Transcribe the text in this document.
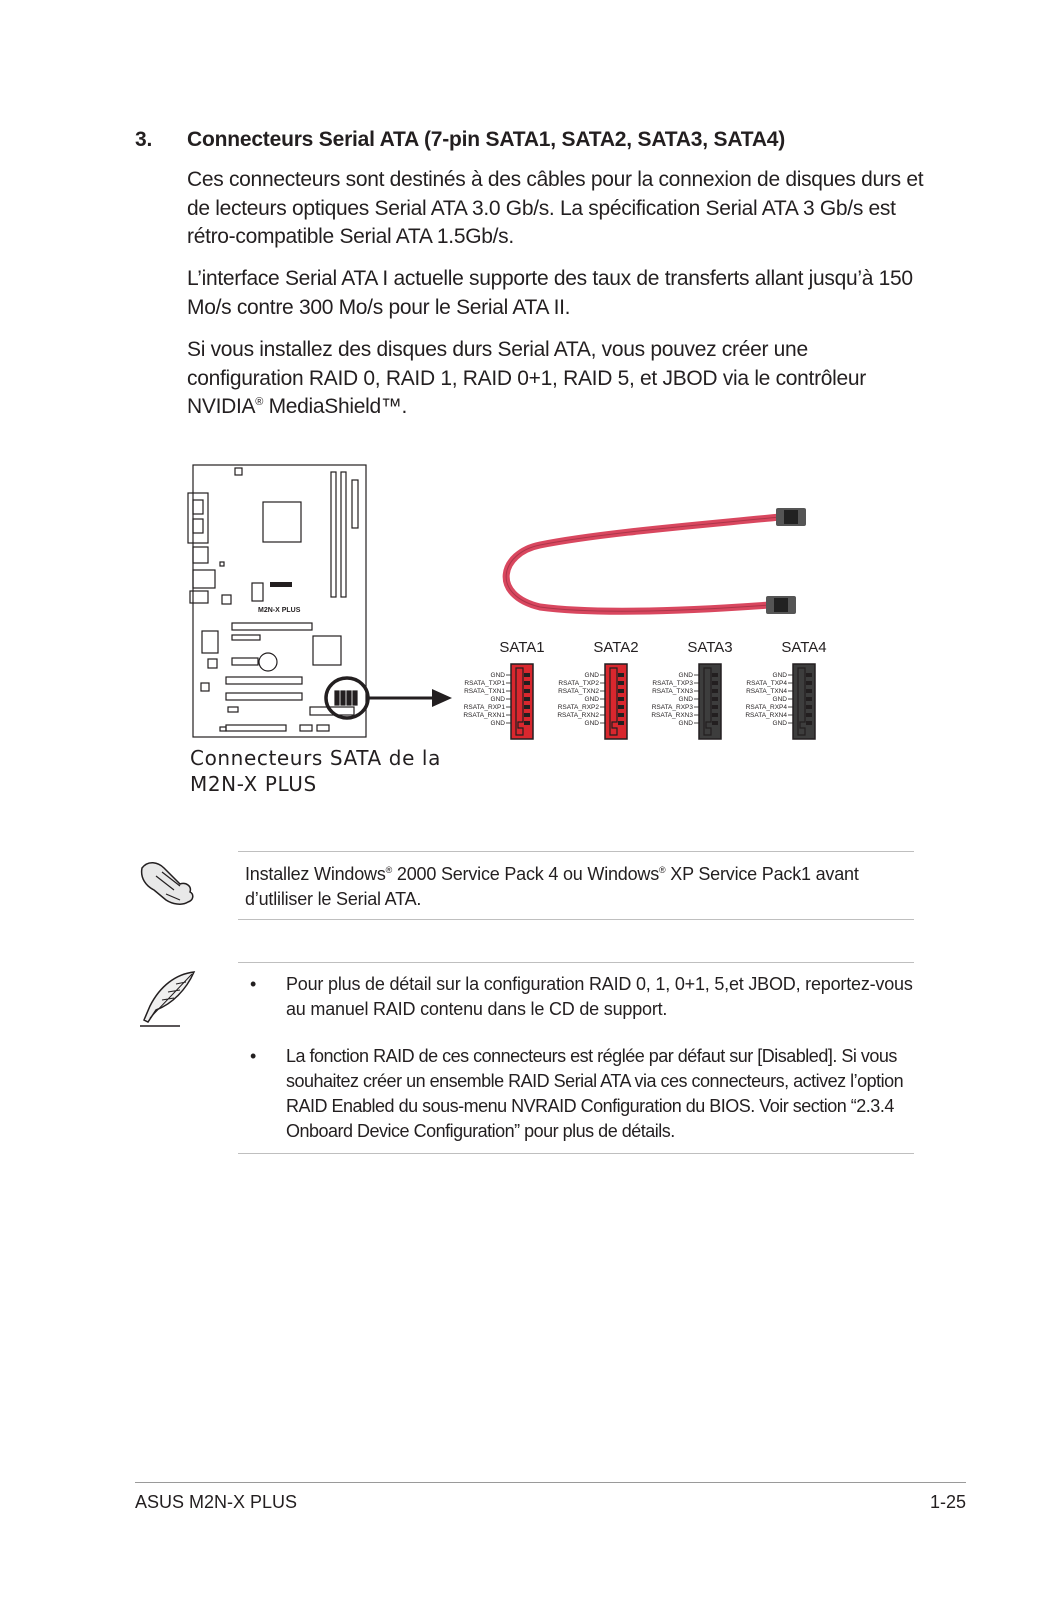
3. Connecteurs Serial ATA (7-pin SATA1, SATA2, SATA3, SATA4)
Ces connecteurs sont destinés à des câbles pour la connexion de disques durs et de lecteurs optiques Serial ATA 3.0 Gb/s. La spécification Serial ATA 3 Gb/s est rétro-compatible Serial ATA 1.5Gb/s.
L’interface Serial ATA I actuelle supporte des taux de transferts allant jusqu’à 150 Mo/s contre 300 Mo/s pour le Serial ATA II.
Si vous installez des disques durs Serial ATA, vous pouvez créer une configuration RAID 0, RAID 1, RAID 0+1, RAID 5, et JBOD via le contrôleur NVIDIA® MediaShield™.
M2N-X PLUS
SATA1
GND
RSATA_TXP1
RSATA_TXN1
GND
RSATA_RXP1
RSATA_RXN1
GND
SATA2
GND
RSATA_TXP2
RSATA_TXN2
GND
RSATA_RXP2
RSATA_RXN2
GND
SATA3
GND
RSATA_TXP3
RSATA_TXN3
GND
RSATA_RXP3
RSATA_RXN3
GND
SATA4
GND
RSATA_TXP4
RSATA_TXN4
GND
RSATA_RXP4
RSATA_RXN4
GND
Connecteurs SATA de la
M2N-X PLUS
Installez Windows® 2000 Service Pack 4 ou Windows® XP Service Pack1 avant d’utliliser le Serial ATA.
• Pour plus de détail sur la configuration RAID 0, 1, 0+1, 5,et JBOD, reportez-vous au manuel RAID contenu dans le CD de support.
• La fonction RAID de ces connecteurs est réglée par défaut sur [Disabled]. Si vous souhaitez créer un ensemble RAID Serial ATA via ces connecteurs, activez l’option RAID Enabled du sous-menu NVRAID Configuration du BIOS. Voir section “2.3.4 Onboard Device Configuration” pour plus de détails.
ASUS M2N-X PLUS	1-25
